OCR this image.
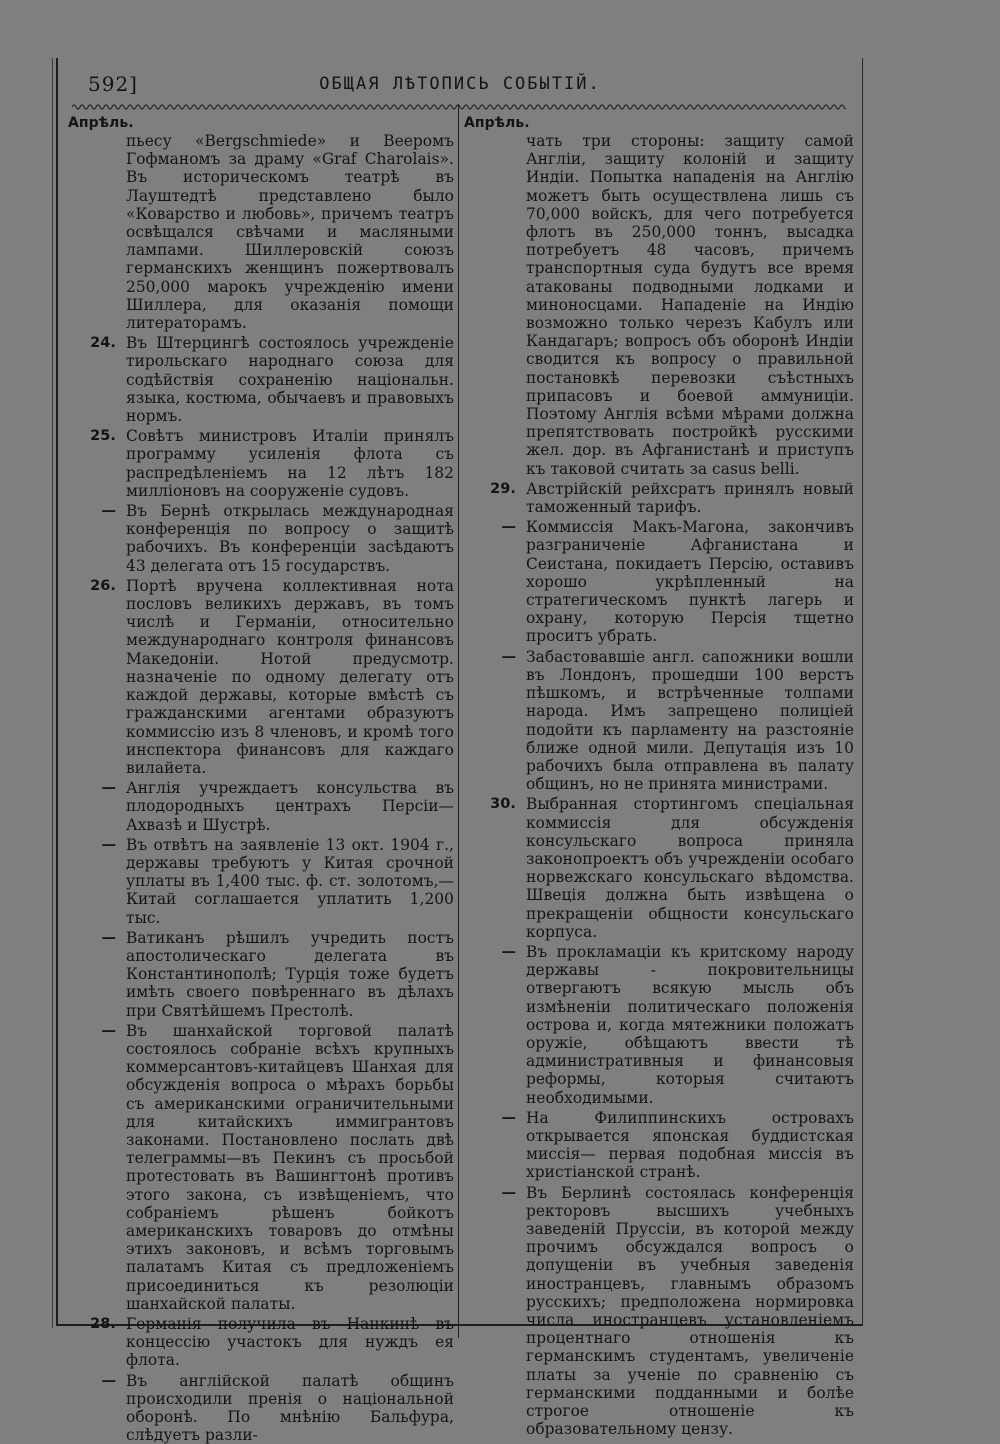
592]	ОБЩАЯ ЛѢТОПИСЬ СОБЫТІЙ.
Апрѣль.
пьесу «Bergschmiede» и Вееромъ Гофманомъ за драму «Graf Charolais». Въ историческомъ театрѣ въ Лауштедтѣ представлено было «Коварство и любовь», причемъ театръ освѣщался свѣчами и масляными лампами. Шиллеровскій союзъ германскихъ женщинъ пожертвовалъ 250,000 марокъ учрежденію имени Шиллера, для оказанія помощи литераторамъ.
24. Въ Штерцингѣ состоялось учрежденіе тирольскаго народнаго союза для содѣйствія сохраненію національн. языка, костюма, обычаевъ и правовыхъ нормъ.
25. Совѣтъ министровъ Италіи принялъ программу усиленія флота съ распредѣленіемъ на 12 лѣтъ 182 милліоновъ на сооруженіе судовъ.
— Въ Бернѣ открылась международная конференція по вопросу о защитѣ рабочихъ. Въ конференціи засѣдаютъ 43 делегата отъ 15 государствъ.
26. Портѣ вручена коллективная нота пословъ великихъ державъ, въ томъ числѣ и Германіи, относительно международнаго контроля финансовъ Македоніи. Нотой предусмотр. назначеніе по одному делегату отъ каждой державы, которые вмѣстѣ съ гражданскими агентами образуютъ коммиссію изъ 8 членовъ, и кромѣ того инспектора финансовъ для каждаго вилайета.
— Англія учреждаетъ консульства въ плодородныхъ центрахъ Персіи—Ахвазѣ и Шустрѣ.
— Въ отвѣтъ на заявленіе 13 окт. 1904 г., державы требуютъ у Китая срочной уплаты въ 1,400 тыс. ф. ст. золотомъ,— Китай соглашается уплатить 1,200 тыс.
— Ватиканъ рѣшилъ учредить постъ апостолическаго делегата въ Константинополѣ; Турція тоже будетъ имѣть своего повѣреннаго въ дѣлахъ при Святѣйшемъ Престолѣ.
— Въ шанхайской торговой палатѣ состоялось собраніе всѣхъ крупныхъ коммерсантовъ-китайцевъ Шанхая для обсужденія вопроса о мѣрахъ борьбы съ американскими ограничительными для китайскихъ иммигрантовъ законами. Постановлено послать двѣ телеграммы—въ Пекинъ съ просьбой протестовать въ Вашингтонѣ противъ этого закона, съ извѣщеніемъ, что собраніемъ рѣшенъ бойкотъ американскихъ товаровъ до отмѣны этихъ законовъ, и всѣмъ торговымъ палатамъ Китая съ предложеніемъ присоединиться къ резолюціи шанхайской палаты.
28. Германія получила въ Нанкинѣ въ концессію участокъ для нуждъ ея флота.
— Въ англійской палатѣ общинъ происходили пренія о національной оборонѣ. По мнѣнію Бальфура, слѣдуетъ разли-
Апрѣль.
чать три стороны: защиту самой Англіи, защиту колоній и защиту Индіи. Попытка нападенія на Англію можетъ быть осуществлена лишь съ 70,000 войскъ, для чего потребуется флотъ въ 250,000 тоннъ, высадка потребуетъ 48 часовъ, причемъ транспортныя суда будутъ все время атакованы подводными лодками и миноносцами. Нападеніе на Индію возможно только черезъ Кабулъ или Кандагаръ; вопросъ объ оборонѣ Индіи сводится къ вопросу о правильной постановкѣ перевозки съѣстныхъ припасовъ и боевой аммуниціи. Поэтому Англія всѣми мѣрами должна препятствовать постройкѣ русскими жел. дор. въ Афганистанѣ и приступъ къ таковой считать за casus belli.
29. Австрійскій рейхсратъ принялъ новый таможенный тарифъ.
— Коммиссія Макъ-Магона, закончивъ разграниченіе Афганистана и Сеистана, покидаетъ Персію, оставивъ хорошо укрѣпленный на стратегическомъ пунктѣ лагерь и охрану, которую Персія тщетно проситъ убрать.
— Забастовавшіе англ. сапожники вошли въ Лондонъ, прошедши 100 верстъ пѣшкомъ, и встрѣченные толпами народа. Имъ запрещено полиціей подойти къ парламенту на разстояніе ближе одной мили. Депутація изъ 10 рабочихъ была отправлена въ палату общинъ, но не принята министрами.
30. Выбранная стортингомъ спеціальная коммиссія для обсужденія консульскаго вопроса приняла законопроектъ объ учрежденіи особаго норвежскаго консульскаго вѣдомства. Швеція должна быть извѣщена о прекращеніи общности консульскаго корпуса.
— Въ прокламаціи къ критскому народу державы - покровительницы отвергаютъ всякую мысль объ измѣненіи политическаго положенія острова и, когда мятежники положатъ оружіе, обѣщаютъ ввести тѣ административныя и финансовыя реформы, которыя считаютъ необходимыми.
— На Филиппинскихъ островахъ открывается японская буддистская миссія— первая подобная миссія въ христіанской странѣ.
— Въ Берлинѣ состоялась конференція ректоровъ высшихъ учебныхъ заведеній Пруссіи, въ которой между прочимъ обсуждался вопросъ о допущеніи въ учебныя заведенія иностранцевъ, главнымъ образомъ русскихъ; предположена нормировка числа иностранцевъ установленіемъ процентнаго отношенія къ германскимъ студентамъ, увеличеніе платы за ученіе по сравненію съ германскими подданными и болѣе строгое отношеніе къ образовательному цензу.
